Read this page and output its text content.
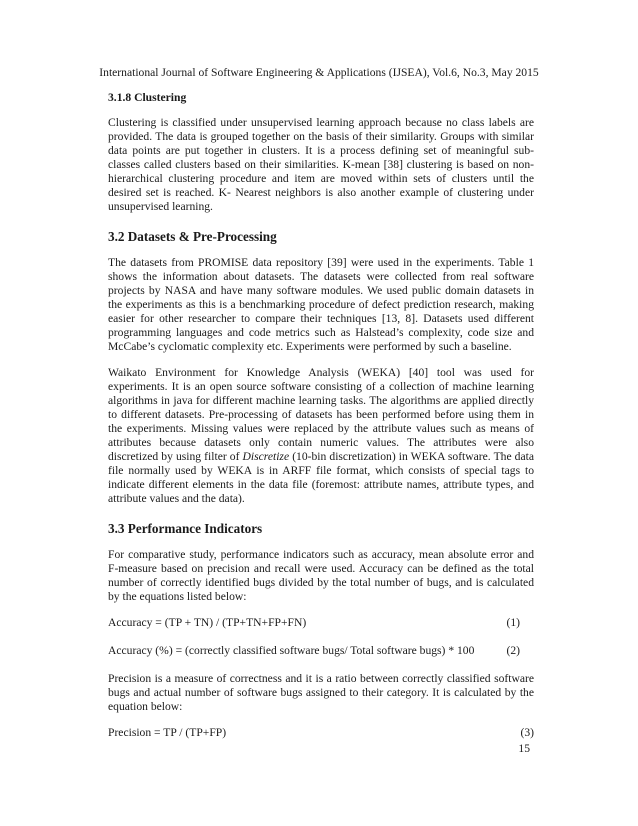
International Journal of Software Engineering & Applications (IJSEA), Vol.6, No.3, May 2015
3.1.8 Clustering

Clustering is classified under unsupervised learning approach because no class labels are provided. The data is grouped together on the basis of their similarity. Groups with similar data points are put together in clusters. It is a process defining set of meaningful sub-classes called clusters based on their similarities. K-mean [38] clustering is based on non-hierarchical clustering procedure and item are moved within sets of clusters until the desired set is reached. K- Nearest neighbors is also another example of clustering under unsupervised learning.

3.2 Datasets & Pre-Processing

The datasets from PROMISE data repository [39] were used in the experiments. Table 1 shows the information about datasets. The datasets were collected from real software projects by NASA and have many software modules. We used public domain datasets in the experiments as this is a benchmarking procedure of defect prediction research, making easier for other researcher to compare their techniques [13, 8]. Datasets used different programming languages and code metrics such as Halstead’s complexity, code size and McCabe’s cyclomatic complexity etc. Experiments were performed by such a baseline.

Waikato Environment for Knowledge Analysis (WEKA) [40] tool was used for experiments. It is an open source software consisting of a collection of machine learning algorithms in java for different machine learning tasks. The algorithms are applied directly to different datasets. Pre-processing of datasets has been performed before using them in the experiments. Missing values were replaced by the attribute values such as means of attributes because datasets only contain numeric values. The attributes were also discretized by using filter of Discretize (10-bin discretization) in WEKA software. The data file normally used by WEKA is in ARFF file format, which consists of special tags to indicate different elements in the data file (foremost: attribute names, attribute types, and attribute values and the data).

3.3 Performance Indicators

For comparative study, performance indicators such as accuracy, mean absolute error and F-measure based on precision and recall were used. Accuracy can be defined as the total number of correctly identified bugs divided by the total number of bugs, and is calculated by the equations listed below:

Accuracy = (TP + TN) / (TP+TN+FP+FN)	(1)
Accuracy (%) = (correctly classified software bugs/ Total software bugs) * 100	(2)

Precision is a measure of correctness and it is a ratio between correctly classified software bugs and actual number of software bugs assigned to their category. It is calculated by the equation below:

Precision = TP / (TP+FP)	(3)
15
